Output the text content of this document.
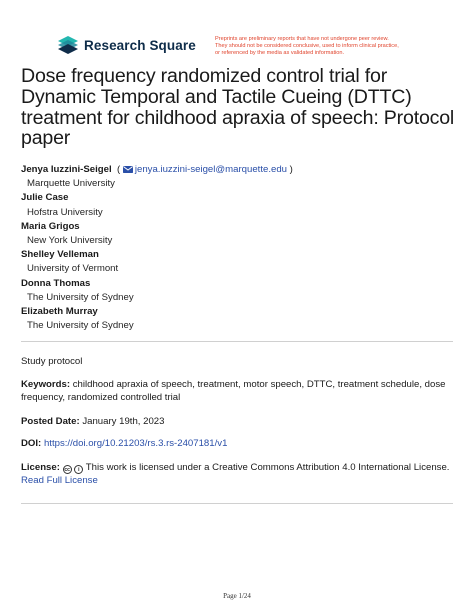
Research Square	Preprints are preliminary reports that have not undergone peer review.
They should not be considered conclusive, used to inform clinical practice,
or referenced by the media as validated information.
Dose frequency randomized control trial for Dynamic Temporal and Tactile Cueing (DTTC) treatment for childhood apraxia of speech: Protocol paper
Jenya Iuzzini-Seigel  ( jenya.iuzzini-seigel@marquette.edu )
Marquette University
Julie Case
Hofstra University
Maria Grigos
New York University
Shelley Velleman
University of Vermont
Donna Thomas
The University of Sydney
Elizabeth Murray
The University of Sydney
Study protocol
Keywords: childhood apraxia of speech, treatment, motor speech, DTTC, treatment schedule, dose frequency, randomized controlled trial
Posted Date: January 19th, 2023
DOI: https://doi.org/10.21203/rs.3.rs-2407181/v1
License: cc i This work is licensed under a Creative Commons Attribution 4.0 International License.
Read Full License
Page 1/24
